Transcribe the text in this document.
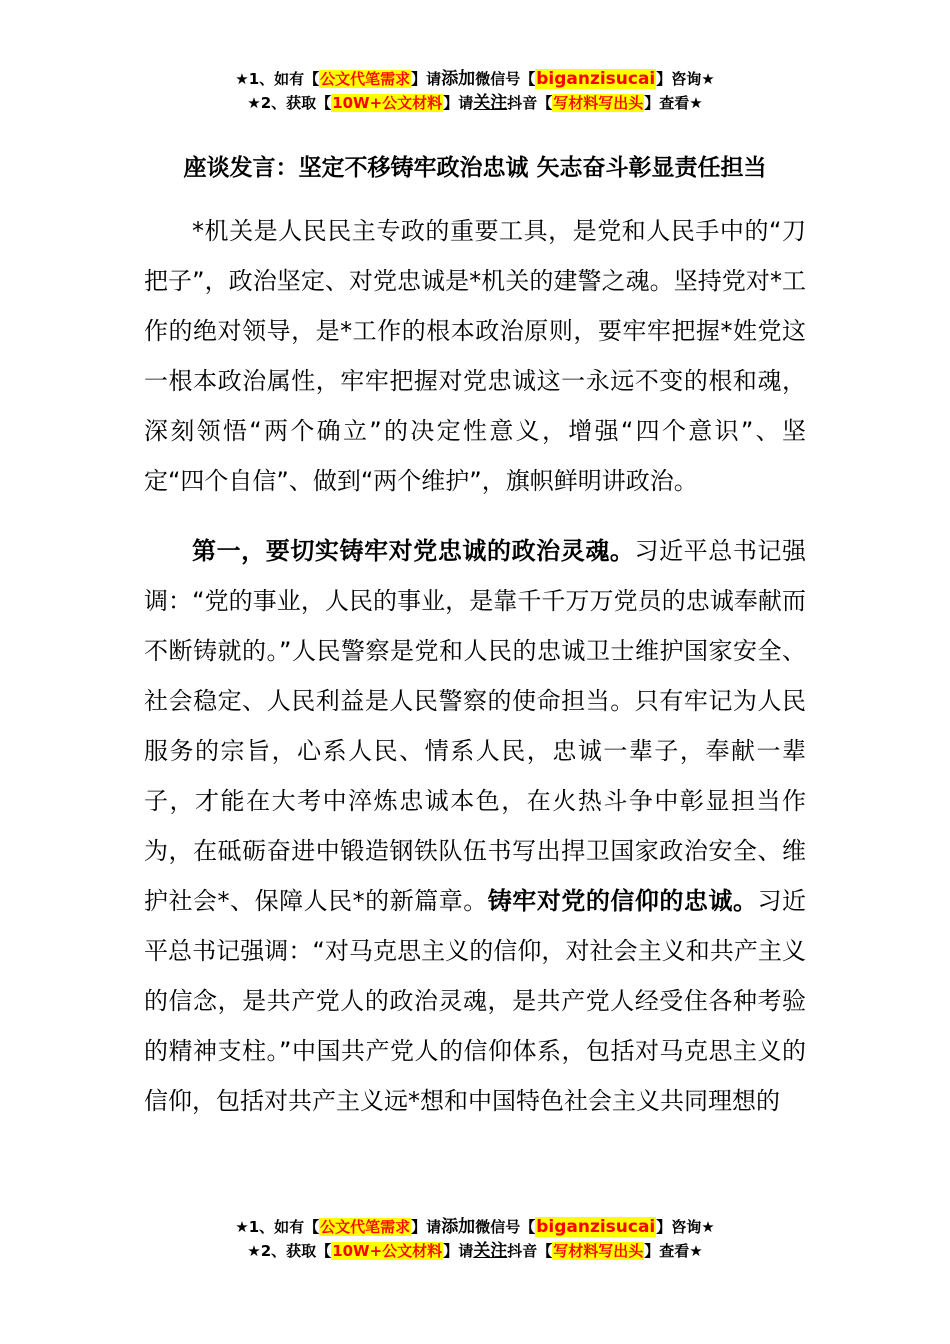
★1、如有【公文代笔需求】请添加微信号【biganzisucai】咨询★
★2、获取【10W+公文材料】请关注抖音【写材料写出头】查看★
座谈发言：坚定不移铸牢政治忠诚 矢志奋斗彰显责任担当

*机关是人民民主专政的重要工具，是党和人民手中的“刀把子”，政治坚定、对党忠诚是*机关的建警之魂。坚持党对*工作的绝对领导，是*工作的根本政治原则，要牢牢把握*姓党这一根本政治属性，牢牢把握对党忠诚这一永远不变的根和魂，深刻领悟“两个确立”的决定性意义，增强“四个意识”、坚定“四个自信”、做到“两个维护”，旗帜鲜明讲政治。

第一，要切实铸牢对党忠诚的政治灵魂。习近平总书记强调：“党的事业，人民的事业，是靠千千万万党员的忠诚奉献而不断铸就的。”人民警察是党和人民的忠诚卫士维护国家安全、社会稳定、人民利益是人民警察的使命担当。只有牢记为人民服务的宗旨，心系人民、情系人民，忠诚一辈子，奉献一辈子，才能在大考中淬炼忠诚本色，在火热斗争中彰显担当作为，在砥砺奋进中锻造钢铁队伍书写出捍卫国家政治安全、维护社会*、保障人民*的新篇章。铸牢对党的信仰的忠诚。习近平总书记强调：“对马克思主义的信仰，对社会主义和共产主义的信念，是共产党人的政治灵魂，是共产党人经受住各种考验的精神支柱。”中国共产党人的信仰体系，包括对马克思主义的信仰，包括对共产主义远*想和中国特色社会主义共同理想的

★1、如有【公文代笔需求】请添加微信号【biganzisucai】咨询★
★2、获取【10W+公文材料】请关注抖音【写材料写出头】查看★
